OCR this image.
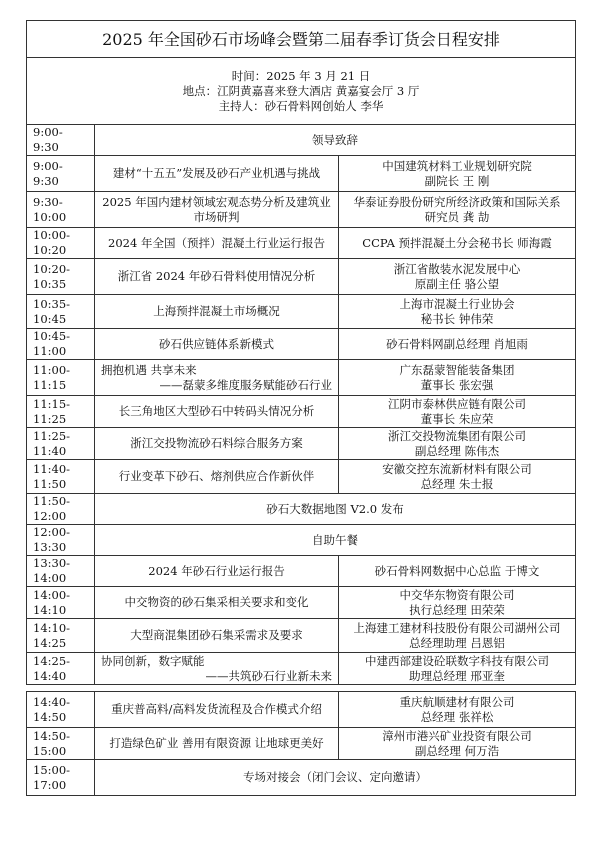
2025 年全国砂石市场峰会暨第二届春季订货会日程安排		

时间：2025 年 3 月 21 日
地点：江阴黄嘉喜来登大酒店 黄嘉宴会厅 3 厅
主持人：砂石骨料网创始人 李华		

9:00-9:30	领导致辞	
9:00-9:30	建材“十五五”发展及砂石产业机遇与挑战	中国建筑材料工业规划研究院
副院长 王 刚

9:30-10:00	2025 年国内建材领域宏观态势分析及建筑业市场研判	华泰证券股份研究所经济政策和国际关系
研究员 龚 劼

10:00-10:20	2024 年全国（预拌）混凝土行业运行报告	CCPA 预拌混凝土分会秘书长 师海霞

10:20-10:35	浙江省 2024 年砂石骨料使用情况分析	浙江省散装水泥发展中心
原副主任 骆公望

10:35-10:45	上海预拌混凝土市场概况	上海市混凝土行业协会
秘书长 钟伟荣

10:45-11:00	砂石供应链体系新模式	砂石骨料网副总经理 肖旭雨

11:00-11:15	拥抱机遇 共享未来
——磊蒙多维度服务赋能砂石行业	广东磊蒙智能装备集团
董事长 张宏强

11:15-11:25	长三角地区大型砂石中转码头情况分析	江阴市泰林供应链有限公司
董事长 朱应荣

11:25-11:40	浙江交投物流砂石料综合服务方案	浙江交投物流集团有限公司
副总经理 陈伟杰

11:40-11:50	行业变革下砂石、熔剂供应合作新伙伴	安徽交控东流新材料有限公司
总经理 朱士报

11:50-12:00	砂石大数据地图 V2.0 发布	
12:00-13:30	自助午餐	
13:30-14:00	2024 年砂石行业运行报告	砂石骨料网数据中心总监 于博文

14:00-14:10	中交物资的砂石集采相关要求和变化	中交华东物资有限公司
执行总经理 田荣荣

14:10-14:25	大型商混集团砂石集采需求及要求	上海建工建材科技股份有限公司湖州公司
总经理助理 吕恩铝

14:25-14:40	协同创新，数字赋能
——共筑砂石行业新未来	中建西部建设砼联数字科技有限公司
助理总经理 邢亚奎

14:40-14:50	重庆普高料/高料发货流程及合作模式介绍	重庆航顺建材有限公司
总经理 张祥松

14:50-15:00	打造绿色矿业 善用有限资源 让地球更美好	漳州市港兴矿业投资有限公司
副总经理 何万浩

15:00-17:00	专场对接会（闭门会议、定向邀请）	
